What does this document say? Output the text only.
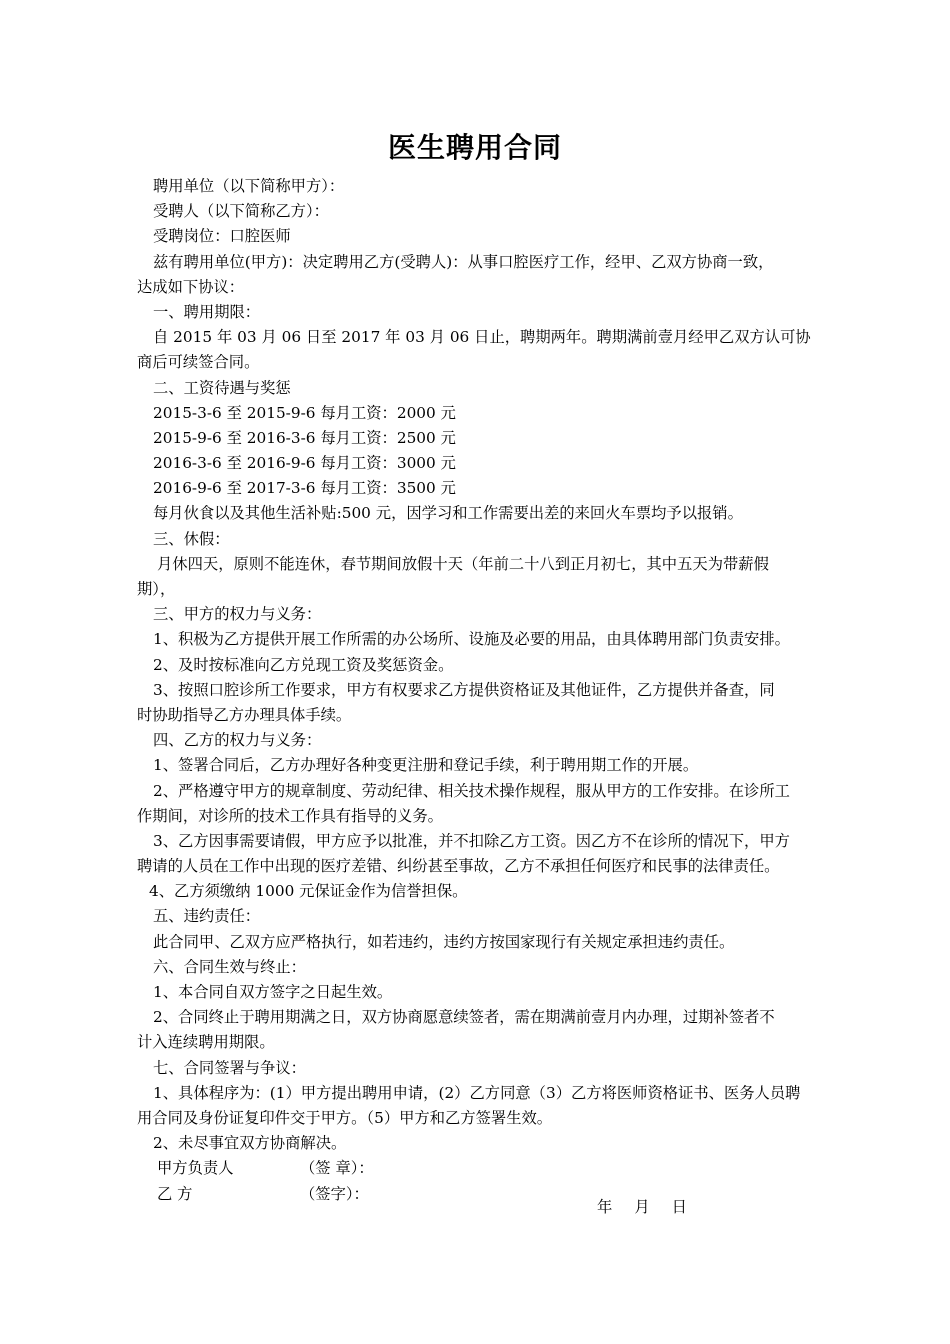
医生聘用合同
聘用单位（以下简称甲方）：
受聘人（以下简称乙方）：
受聘岗位：口腔医师
兹有聘用单位(甲方)：决定聘用乙方(受聘人)：从事口腔医疗工作，经甲、乙双方协商一致，
达成如下协议：
一、聘用期限：
自 2015 年 03 月 06 日至 2017 年 03 月 06 日止，聘期两年。聘期满前壹月经甲乙双方认可协
商后可续签合同。
二、工资待遇与奖惩
2015-3-6 至 2015-9-6 每月工资：2000 元
2015-9-6 至 2016-3-6 每月工资：2500 元
2016-3-6 至 2016-9-6 每月工资：3000 元
2016-9-6 至 2017-3-6 每月工资：3500 元
每月伙食以及其他生活补贴:500 元，因学习和工作需要出差的来回火车票均予以报销。
三、休假：
月休四天，原则不能连休，春节期间放假十天（年前二十八到正月初七，其中五天为带薪假
期），
三、甲方的权力与义务：
1、积极为乙方提供开展工作所需的办公场所、设施及必要的用品，由具体聘用部门负责安排。
2、及时按标准向乙方兑现工资及奖惩资金。
3、按照口腔诊所工作要求，甲方有权要求乙方提供资格证及其他证件，乙方提供并备查，同
时协助指导乙方办理具体手续。
四、乙方的权力与义务：
1、签署合同后，乙方办理好各种变更注册和登记手续，利于聘用期工作的开展。
2、严格遵守甲方的规章制度、劳动纪律、相关技术操作规程，服从甲方的工作安排。在诊所工
作期间，对诊所的技术工作具有指导的义务。
3、乙方因事需要请假，甲方应予以批准，并不扣除乙方工资。因乙方不在诊所的情况下，甲方
聘请的人员在工作中出现的医疗差错、纠纷甚至事故，乙方不承担任何医疗和民事的法律责任。
4、乙方须缴纳 1000 元保证金作为信誉担保。
五、违约责任：
此合同甲、乙双方应严格执行，如若违约，违约方按国家现行有关规定承担违约责任。
六、合同生效与终止：
1、本合同自双方签字之日起生效。
2、合同终止于聘用期满之日，双方协商愿意续签者，需在期满前壹月内办理，过期补签者不
计入连续聘用期限。
七、合同签署与争议：
1、具体程序为：(1）甲方提出聘用申请，(2）乙方同意（3）乙方将医师资格证书、医务人员聘
用合同及身份证复印件交于甲方。（5）甲方和乙方签署生效。
2、未尽事宜双方协商解决。
甲方负责人	（签 章）：
乙 方	（签字）：
年 月 日
